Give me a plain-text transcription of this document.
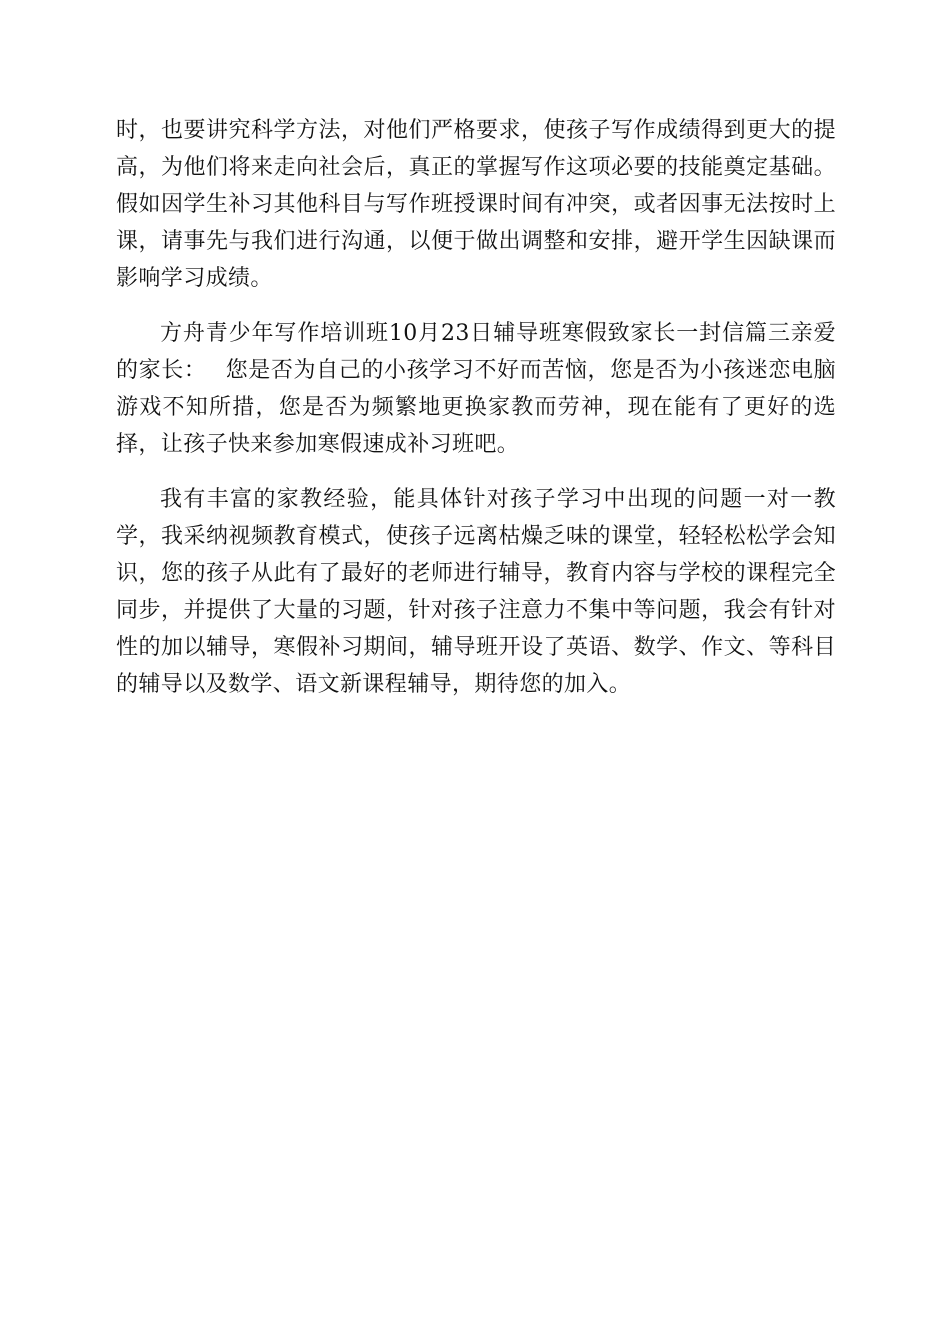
时，也要讲究科学方法，对他们严格要求，使孩子写作成绩得到更大的提高，为他们将来走向社会后，真正的掌握写作这项必要的技能奠定基础。假如因学生补习其他科目与写作班授课时间有冲突，或者因事无法按时上课，请事先与我们进行沟通，以便于做出调整和安排，避开学生因缺课而影响学习成绩。

方舟青少年写作培训班10月23日辅导班寒假致家长一封信篇三亲爱的家长：　 您是否为自己的小孩学习不好而苦恼，您是否为小孩迷恋电脑游戏不知所措，您是否为频繁地更换家教而劳神，现在能有了更好的选择，让孩子快来参加寒假速成补习班吧。

我有丰富的家教经验，能具体针对孩子学习中出现的问题一对一教学，我采纳视频教育模式，使孩子远离枯燥乏味的课堂，轻轻松松学会知识，您的孩子从此有了最好的老师进行辅导，教育内容与学校的课程完全同步，并提供了大量的习题，针对孩子注意力不集中等问题，我会有针对性的加以辅导，寒假补习期间，辅导班开设了英语、数学、作文、等科目的辅导以及数学、语文新课程辅导，期待您的加入。
